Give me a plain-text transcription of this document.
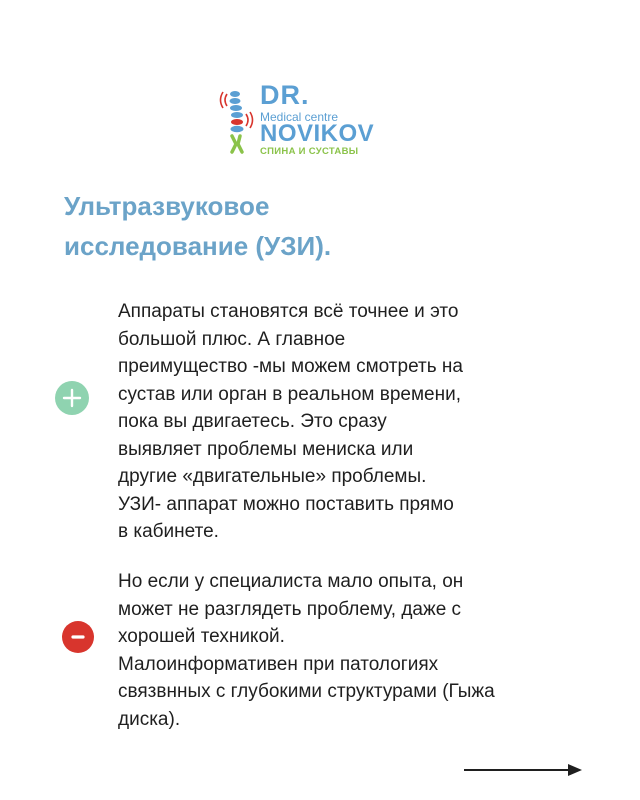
DR.
Medical centre
NOVIKOV
СПИНА И СУСТАВЫ
Ультразвуковое
исследование (УЗИ).
Аппараты становятся всё точнее и это
большой плюс. А главное
преимущество -мы можем смотреть на
сустав или орган в реальном времени,
пока вы двигаетесь. Это сразу
выявляет проблемы мениска или
другие «двигательные» проблемы.
УЗИ- аппарат можно поставить прямо
в кабинете.
Но если у специалиста мало опыта, он
может не разглядеть проблему, даже с
хорошей техникой.
Малоинформативен при патологиях
связвнных с глубокими структурами (Гыжа
диска).
